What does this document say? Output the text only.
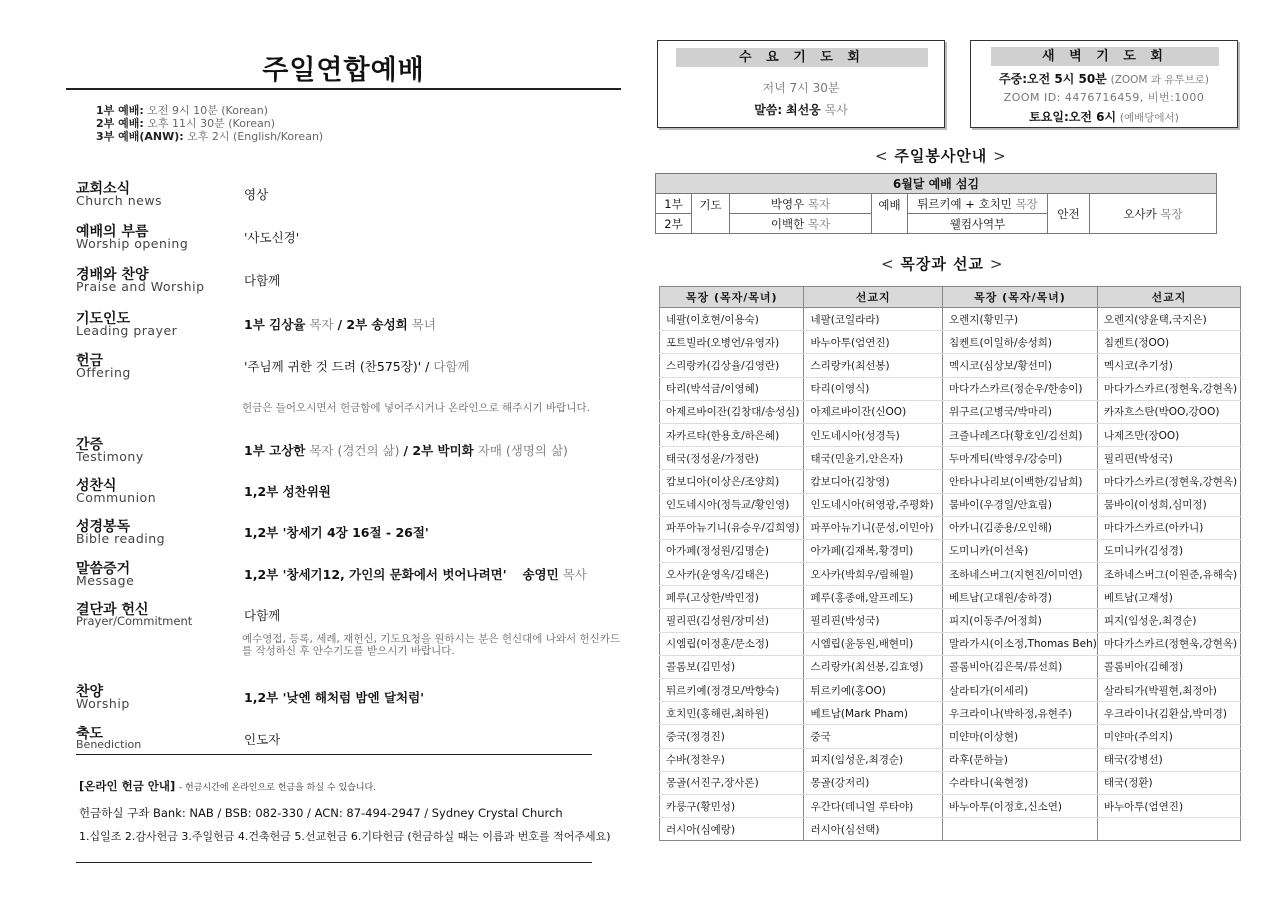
주일연합예배
1부 예배: 오전 9시 10분 (Korean)
2부 예배: 오후 11시 30분 (Korean)
3부 예배(ANW): 오후 2시 (English/Korean)
교회소식
Church news	영상
예배의 부름
Worship opening	'사도신경'
경배와 찬양
Praise and Worship	다함께
기도인도
Leading prayer	1부 김상율 목자 / 2부 송성희 목녀
헌금
Offering	'주님께 귀한 것 드려 (찬575장)' / 다함께
헌금은 들어오시면서 헌금함에 넣어주시거나 온라인으로 해주시기 바랍니다.
간증
Testimony	1부 고상한 목자 (경건의 삶) / 2부 박미화 자매 (생명의 삶)
성찬식
Communion	1,2부 성찬위원
성경봉독
Bible reading	1,2부 '창세기 4장 16절 - 26절'
말씀증거
Message	1,2부 '창세기12, 가인의 문화에서 벗어나려면' 송영민 목사
결단과 헌신
Prayer/Commitment	다함께
예수영접, 등록, 세례, 재헌신, 기도요청을 원하시는 분은 헌신대에 나와서 헌신카드를 작성하신 후 안수기도를 받으시기 바랍니다.
찬양
Worship	1,2부 '낮엔 해처럼 밤엔 달처럼'
축도
Benediction	인도자
[온라인 헌금 안내] - 헌금시간에 온라인으로 헌금을 하실 수 있습니다.
헌금하실 구좌 Bank: NAB / BSB: 082-330 / ACN: 87-494-2947 / Sydney Crystal Church
1.십일조 2.감사헌금 3.주일헌금 4.건축헌금 5.선교헌금 6.기타헌금 (헌금하실 때는 이름과 번호를 적어주세요)
수 요 기 도 회
저녁 7시 30분
말씀: 최선웅 목사
새 벽 기 도 회
주중:오전 5시 50분 (ZOOM 과 유투브로)
ZOOM ID: 4476716459, 비번:1000
토요일:오전 6시 (예배당에서)
< 주일봉사안내 >
6월달 예배 섬김						
1부	기도	박영우 목자	예배	튀르키예 + 호치민 목장	안전	오사카 목장
2부		이백한 목자		웰컴사역부		
< 목장과 선교 >
목장 (목자/목녀)	선교지	목장 (목자/목녀)	선교지
네팔(이호현/이용숙)	네팔(코일라라)	오렌지(황민구)	오렌지(양윤택,국지은)
포트빌라(오병언/유영자)	바누아투(엄연진)	침켄트(이일하/송성희)	침켄트(정OO)
스리랑카(김상율/김영란)	스리랑카(최선봉)	멕시코(심상보/황선미)	멕시코(추기성)
타리(박석금/이영혜)	타리(이영식)	마다가스카르(정순우/한송이)	마다가스카르(정현욱,강현옥)
아제르바이잔(김창대/송성심)	아제르바이잔(신OO)	위구르(고병국/박마리)	카자흐스탄(박OO,강OO)
자카르타(한용호/하은혜)	인도네시아(성경득)	크즐나레즈다(황호인/김선희)	나제즈만(장OO)
태국(정성윤/가정란)	태국(민윤기,안은자)	두마게티(박영우/강승미)	필리핀(박성국)
캄보디아(이상은/조양희)	캄보디아(김창영)	안타나나리보(이백한/김남희)	마다가스카르(정현욱,강현옥)
인도네시아(정득교/황인영)	인도네시아(허영광,주평화)	뭄바이(우경일/안효림)	뭄바이(이성희,심미정)
파푸아뉴기니(유승우/김희영)	파푸아뉴기니(문성,이민아)	아카니(김종용/오인해)	마다가스카르(아카니)
아가페(정성원/김명순)	아가페(김재복,황경미)	도미니카(이선욱)	도미니카(김성경)
오사카(윤영옥/김태은)	오사카(박희우/림해월)	조하네스버그(지현진/이미연)	조하네스버그(이원준,유해숙)
페루(고상한/박민정)	페루(홍종애,알프레도)	베트남(고대원/송하경)	베트남(고재성)
필리핀(김성원/장미선)	필리핀(박성국)	피지(이동주/어정희)	피지(임성운,최경순)
시엠립(이정훈/문소정)	시엠립(윤동원,배현미)	말라가시(이소정,Thomas Beh)	마다가스카르(정현욱,강현옥)
콜롬보(김민성)	스리랑카(최선봉,김효영)	콜롬비아(김은묵/류선희)	콜롬비아(김혜정)
튀르키예(정경모/박향숙)	튀르키예(홍OO)	살라티가(이세리)	살라티가(박필현,최정아)
호치민(홍해린,최하원)	베트남(Mark Pham)	우크라이나(박하정,유현주)	우크라이나(김환삼,박미경)
중국(정경진)	중국	미얀마(이상현)	미얀마(주의지)
수바(정찬우)	피지(임성운,최경순)	라후(문하늘)	태국(강병선)
몽골(서진구,장사론)	몽골(강저리)	수라타니(육현정)	태국(정환)
카룽구(황민성)	우간다(데니얼 루타야)	바누아투(이정호,신소연)	바누아투(엄연진)
러시아(심예랑)	러시아(심선택)		
